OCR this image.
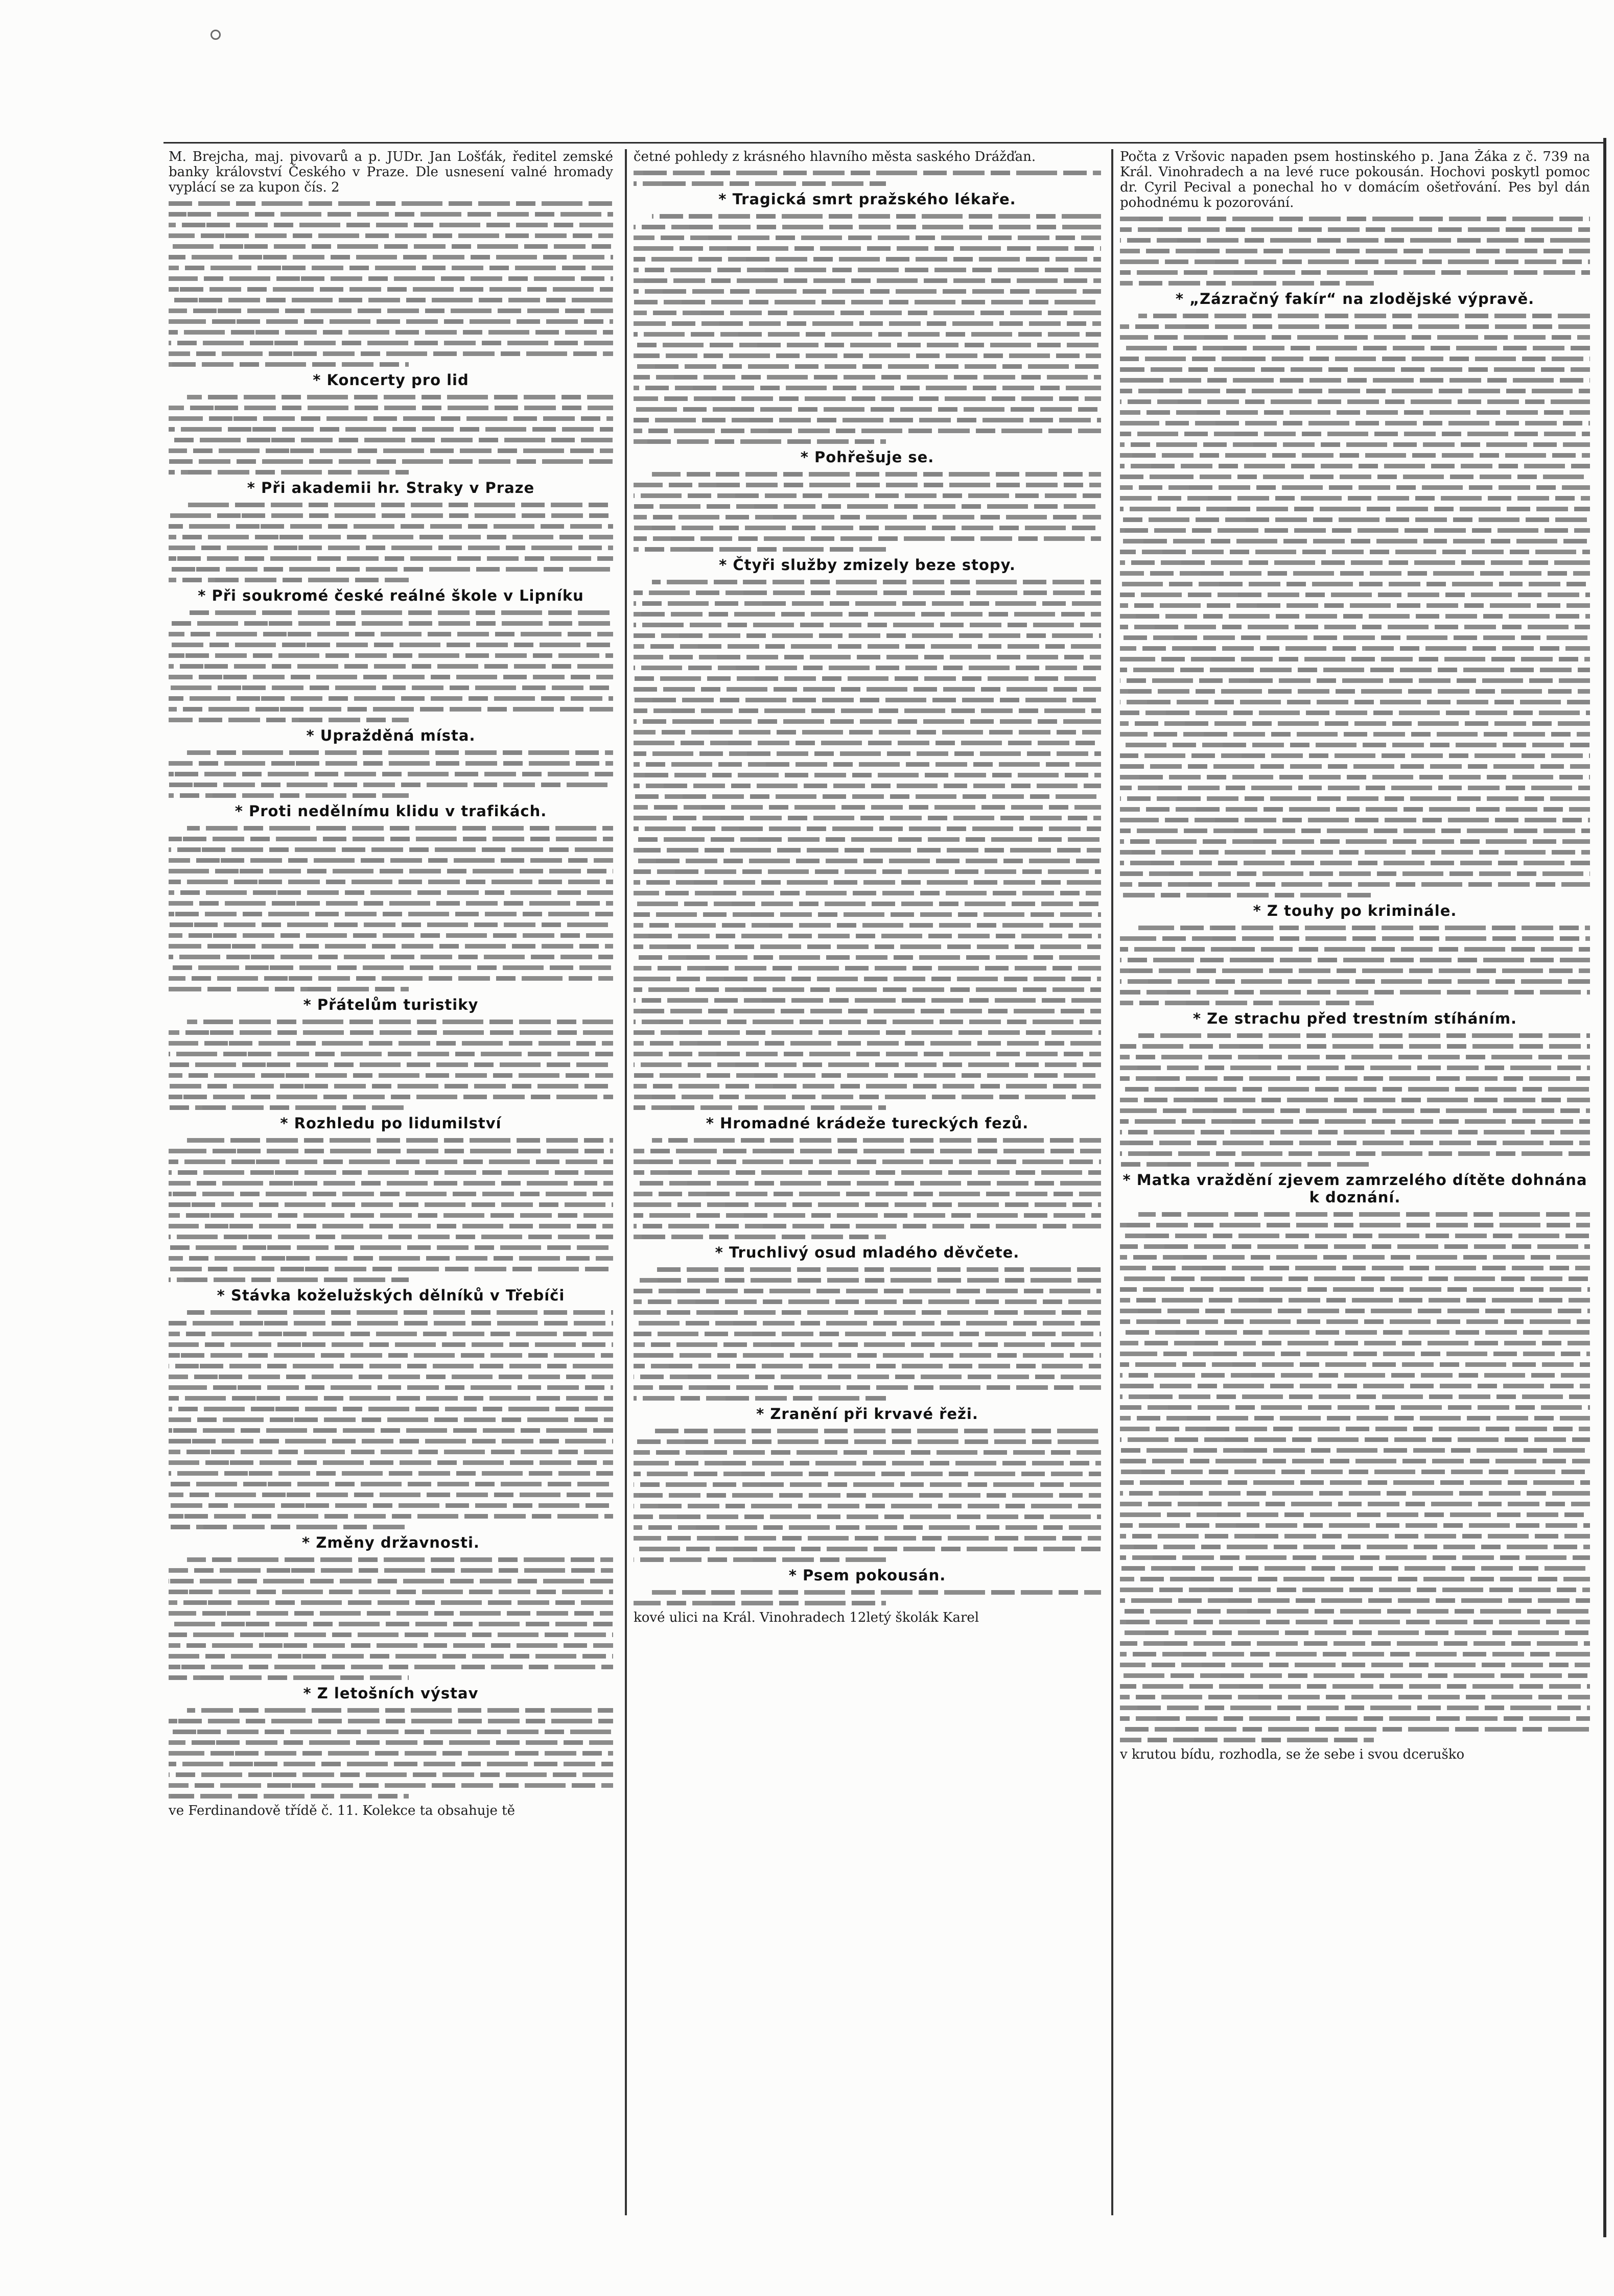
M. Brejcha, maj. pivovarů a p. JUDr. Jan Lošťák, ředitel zemské banky království Českého v Praze. Dle usnesení valné hromady vyplácí se za kupon čís. 2

* Koncerty pro lid
* Při akademii hr. Straky v Praze
* Při soukromé české reálné škole v Lipníku
* Upražděná místa.
* Proti nedělnímu klidu v trafikách.
* Přátelům turistiky
* Rozhledu po lidumilství
* Stávka koželužských dělníků v Třebíči
* Změny državnosti.
* Z letošních výstav

ve Ferdinandově třídě č. 11. Kolekce ta obsahuje tě

četné pohledy z krásného hlavního města saského Drážďan.

* Tragická smrt pražského lékaře.
* Pohřešuje se.
* Čtyři služby zmizely beze stopy.
* Hromadné krádeže tureckých fezů.
* Truchlivý osud mladého děvčete.
* Zranění při krvavé řeži.
* Psem pokousán.

kové ulici na Král. Vinohradech 12letý školák Karel

Počta z Vršovic napaden psem hostinského p. Jana Žáka z č. 739 na Král. Vinohradech a na levé ruce pokousán. Hochovi poskytl pomoc dr. Cyril Pecival a ponechal ho v domácím ošetřování. Pes byl dán pohodnému k pozorování.

* „Zázračný fakír“ na zlodějské výpravě.
* Z touhy po kriminále.
* Ze strachu před trestním stíháním.
* Matka vraždění zjevem zamrzelého dítěte dohnána k doznání.

v krutou bídu, rozhodla, se že sebe i svou dceruško
